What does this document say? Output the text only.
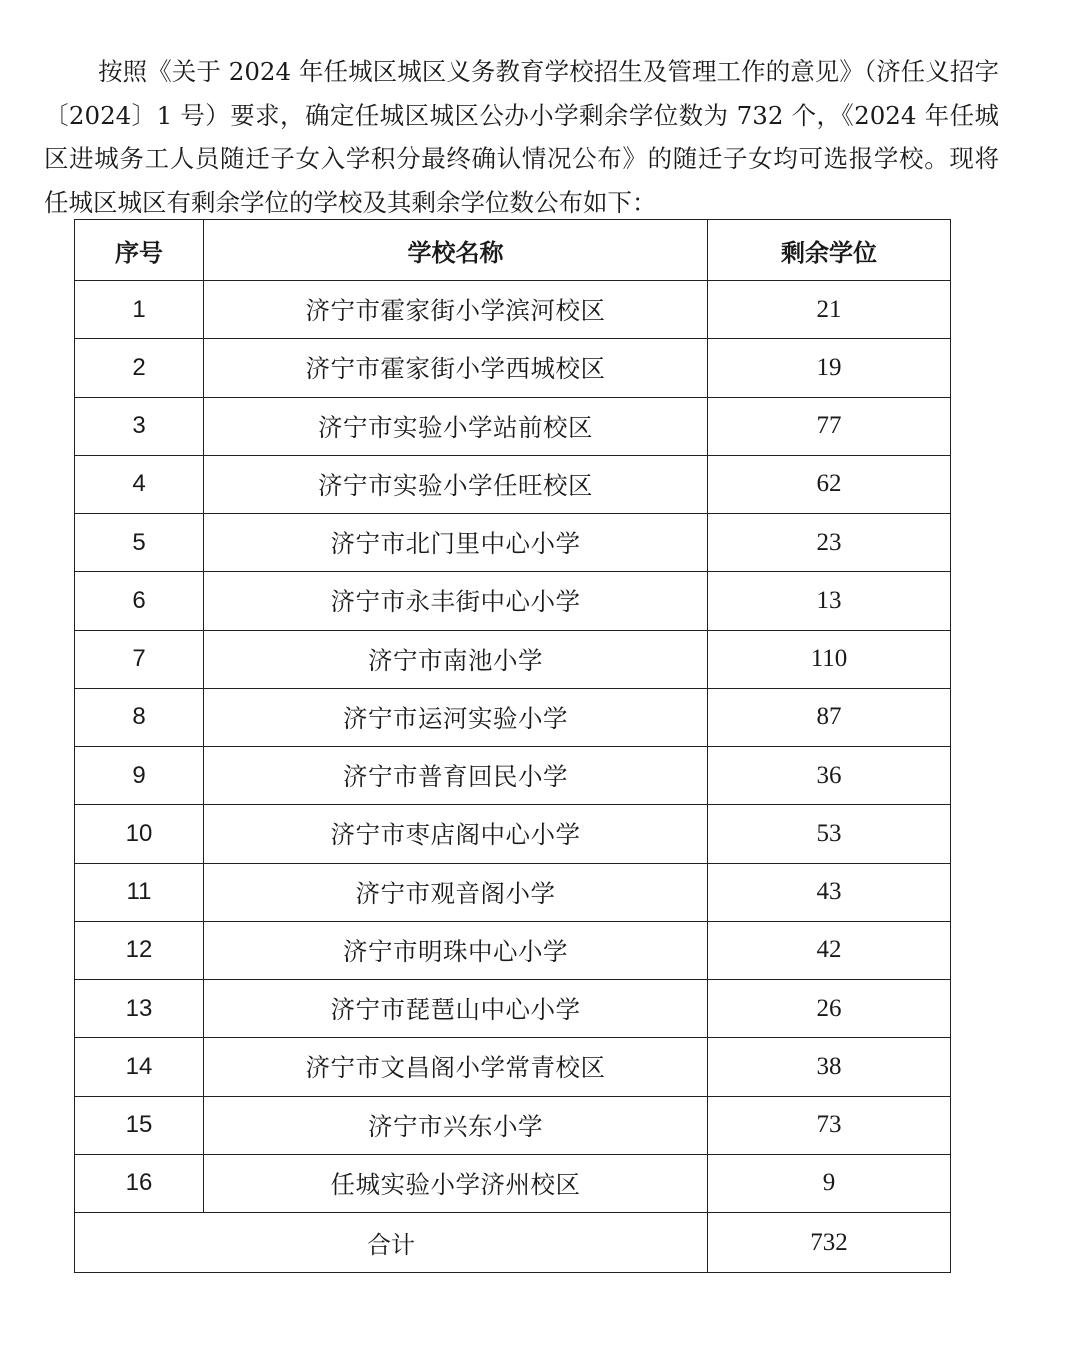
按照《关于 2024 年任城区城区义务教育学校招生及管理工作的意见》（济任义招字〔2024〕1 号）要求，确定任城区城区公办小学剩余学位数为 732 个，《2024 年任城区进城务工人员随迁子女入学积分最终确认情况公布》的随迁子女均可选报学校。现将任城区城区有剩余学位的学校及其剩余学位数公布如下：

序号	学校名称	剩余学位
1	济宁市霍家街小学滨河校区	21
2	济宁市霍家街小学西城校区	19
3	济宁市实验小学站前校区	77
4	济宁市实验小学任旺校区	62
5	济宁市北门里中心小学	23
6	济宁市永丰街中心小学	13
7	济宁市南池小学	110
8	济宁市运河实验小学	87
9	济宁市普育回民小学	36
10	济宁市枣店阁中心小学	53
11	济宁市观音阁小学	43
12	济宁市明珠中心小学	42
13	济宁市琵琶山中心小学	26
14	济宁市文昌阁小学常青校区	38
15	济宁市兴东小学	73
16	任城实验小学济州校区	9
合计		732
